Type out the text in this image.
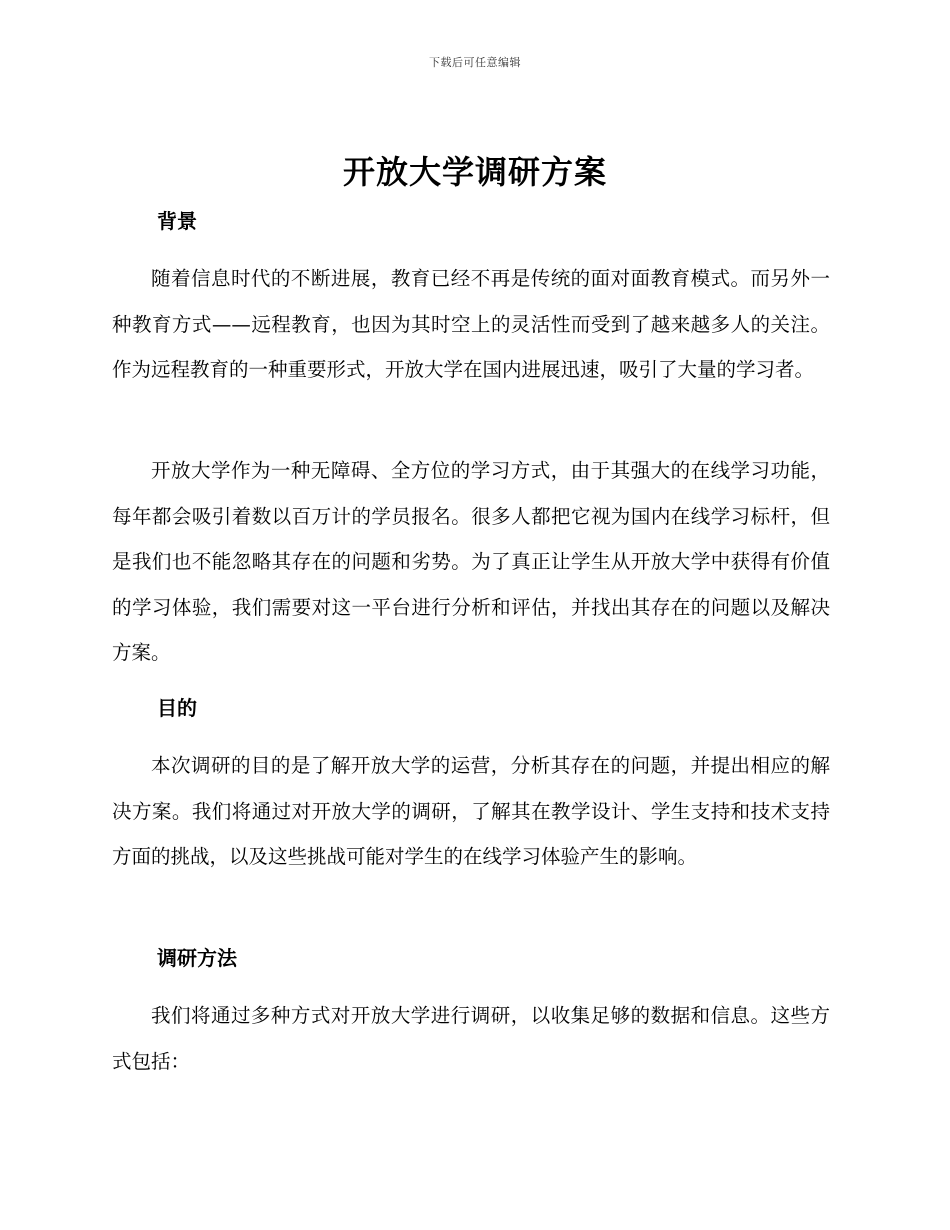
下载后可任意编辑
开放大学调研方案
背景

随着信息时代的不断进展，教育已经不再是传统的面对面教育模式。而另外一种教育方式——远程教育，也因为其时空上的灵活性而受到了越来越多人的关注。作为远程教育的一种重要形式，开放大学在国内进展迅速，吸引了大量的学习者。

开放大学作为一种无障碍、全方位的学习方式，由于其强大的在线学习功能，每年都会吸引着数以百万计的学员报名。很多人都把它视为国内在线学习标杆，但是我们也不能忽略其存在的问题和劣势。为了真正让学生从开放大学中获得有价值的学习体验，我们需要对这一平台进行分析和评估，并找出其存在的问题以及解决方案。

目的

本次调研的目的是了解开放大学的运营，分析其存在的问题，并提出相应的解决方案。我们将通过对开放大学的调研，了解其在教学设计、学生支持和技术支持方面的挑战，以及这些挑战可能对学生的在线学习体验产生的影响。

调研方法

我们将通过多种方式对开放大学进行调研，以收集足够的数据和信息。这些方式包括：
